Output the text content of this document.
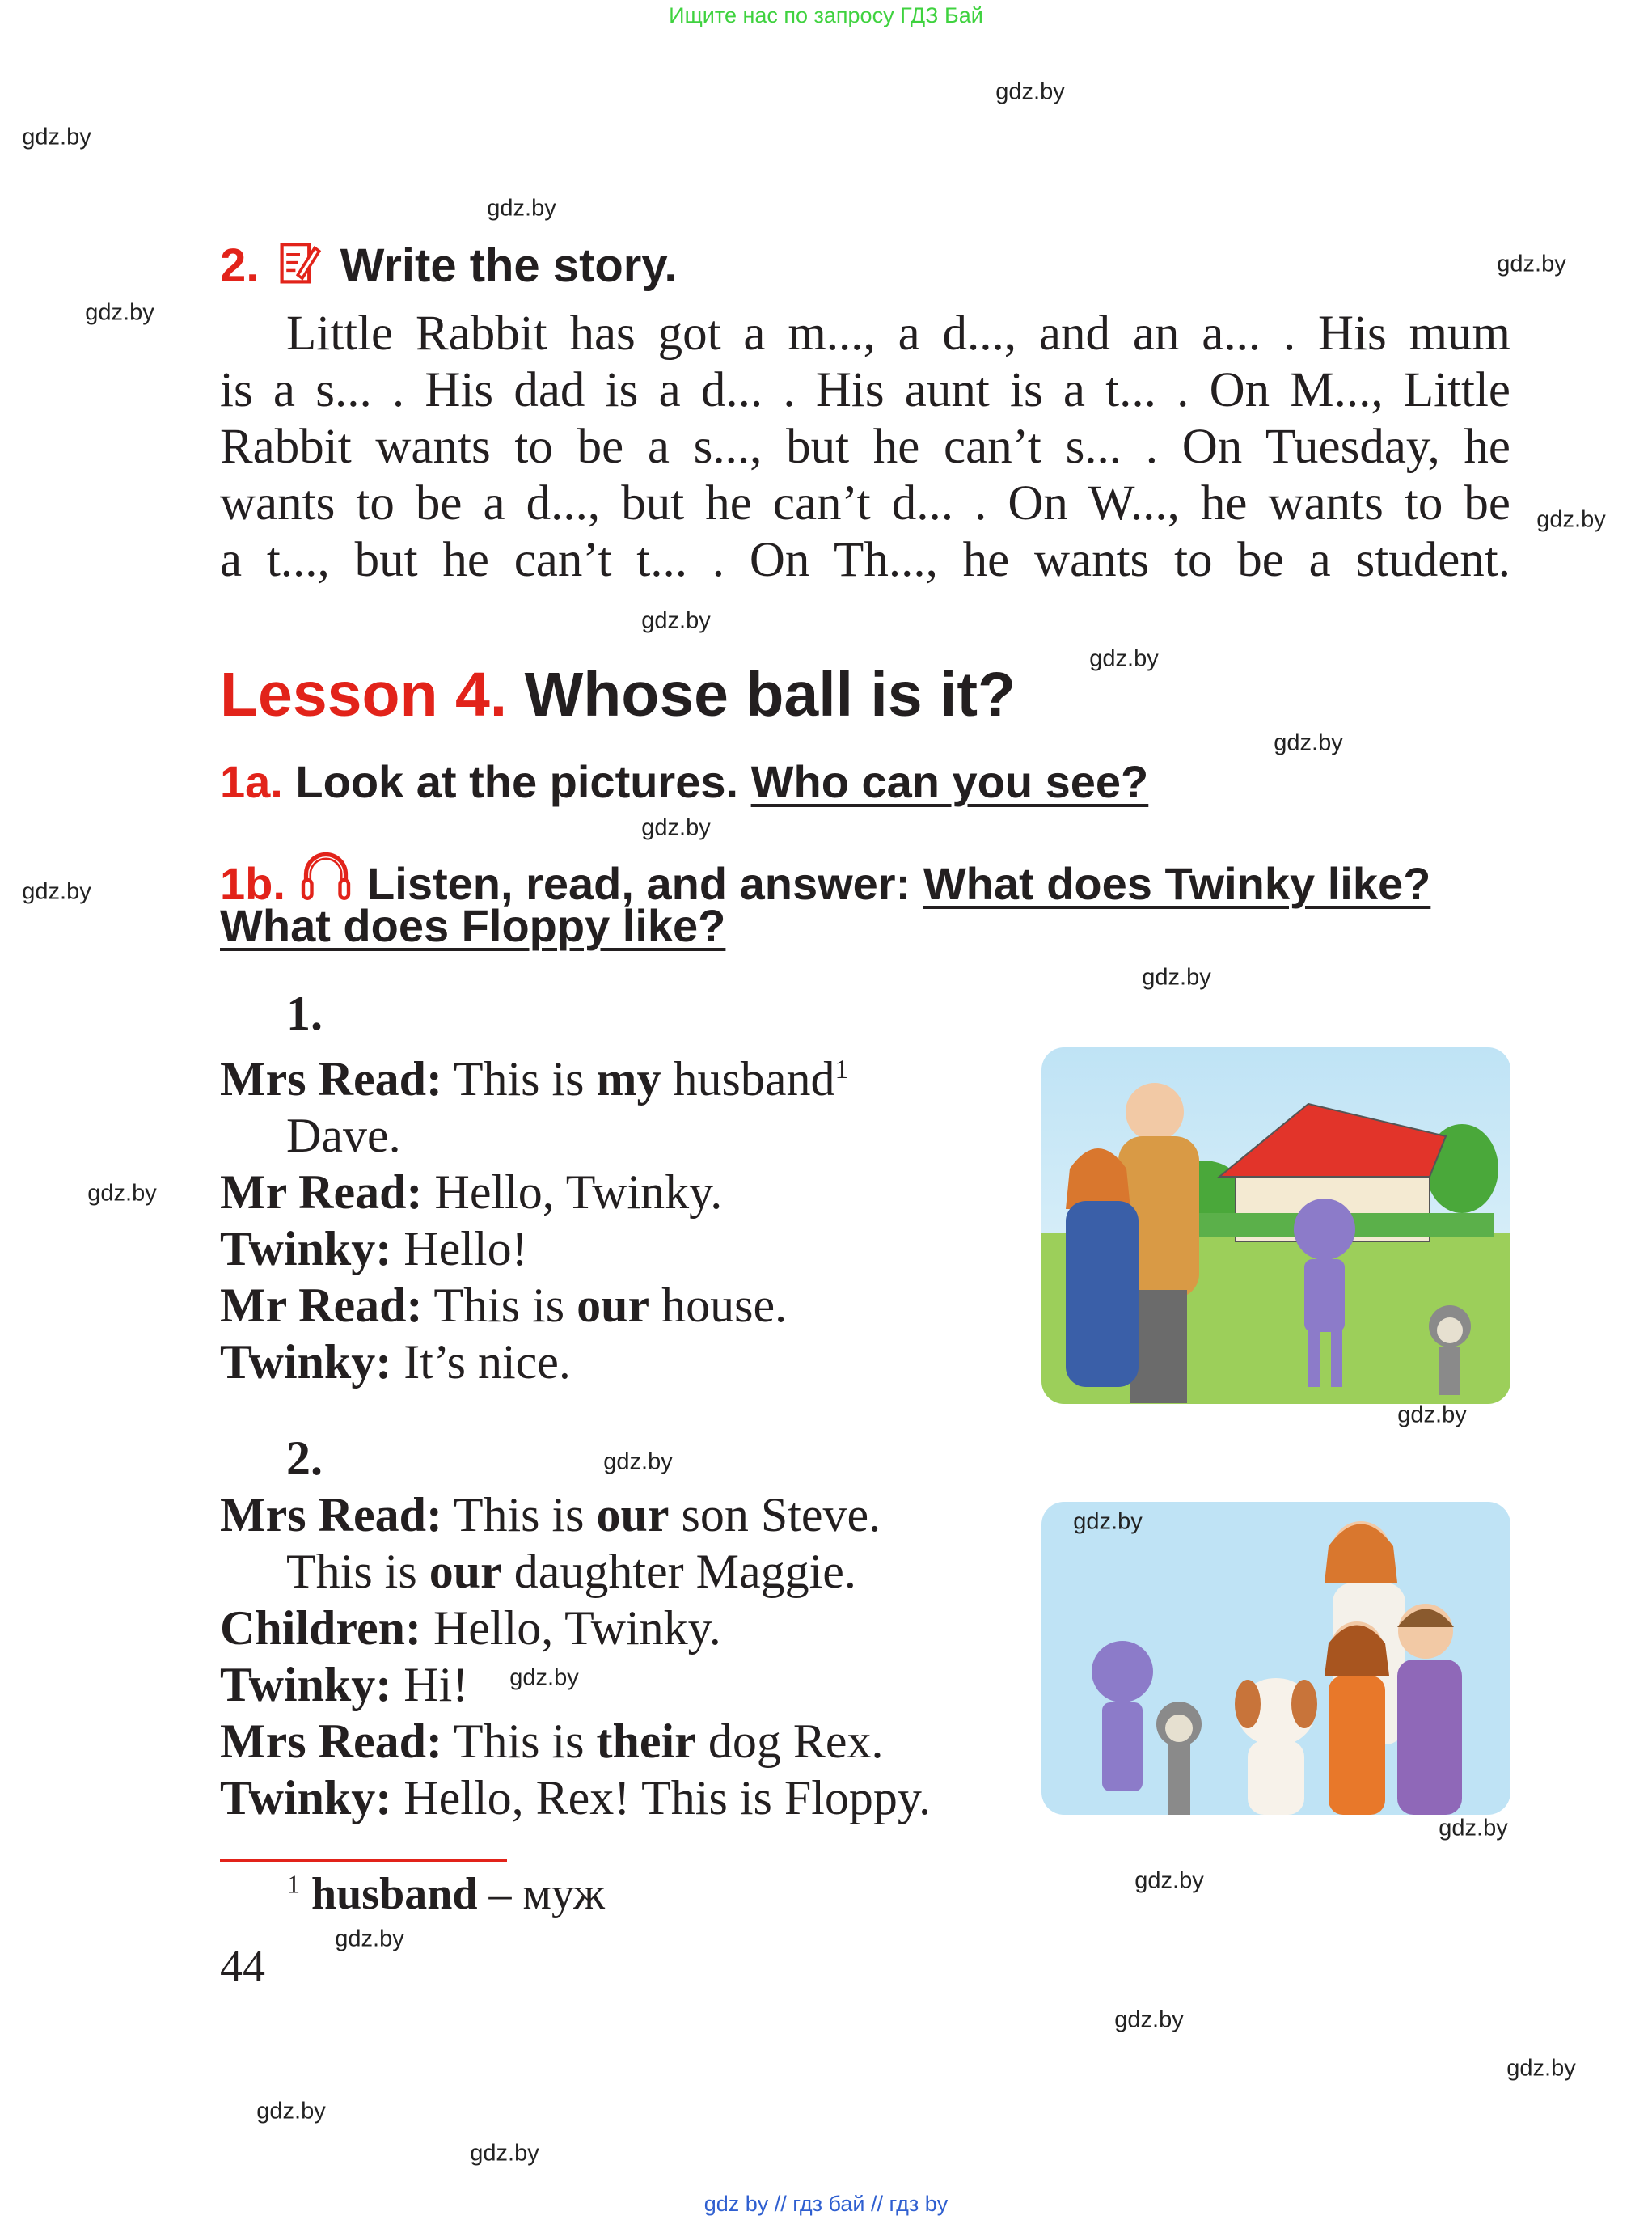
Ищите нас по запросу ГДЗ Бай
gdz.by
gdz.by
gdz.by
gdz.by
gdz.by
gdz.by
gdz.by
gdz.by
gdz.by
gdz.by
gdz.by
gdz.by
gdz.by
gdz.by
gdz.by
gdz.by
gdz.by
gdz.by
gdz.by
gdz.by
gdz.by
gdz.by
gdz.by
gdz.by
2. Write the story.
Little Rabbit has got a m..., a d..., and an a... . His mum
is a s... . His dad is a d... . His aunt is a t... . On M..., Little
Rabbit wants to be a s..., but he can’t s... . On Tuesday, he
wants to be a d..., but he can’t d... . On W..., he wants to be
a t..., but he can’t t... . On Th..., he wants to be a student.
Lesson 4. Whose ball is it?
1a. Look at the pictures. Who can you see?
1b. Listen, read, and answer: What does Twinky like?
What does Floppy like?
1.
Mrs Read: This is my husband$^1$
Dave.
Mr Read: Hello, Twinky.
Twinky: Hello!
Mr Read: This is our house.
Twinky: It’s nice.
2.
Mrs Read: This is our son Steve.
This is our daughter Maggie.
Children: Hello, Twinky.
Twinky: Hi!
Mrs Read: This is their dog Rex.
Twinky: Hello, Rex! This is Floppy.
$^1$ husband – муж
44
gdz by // гдз бай // гдз by
